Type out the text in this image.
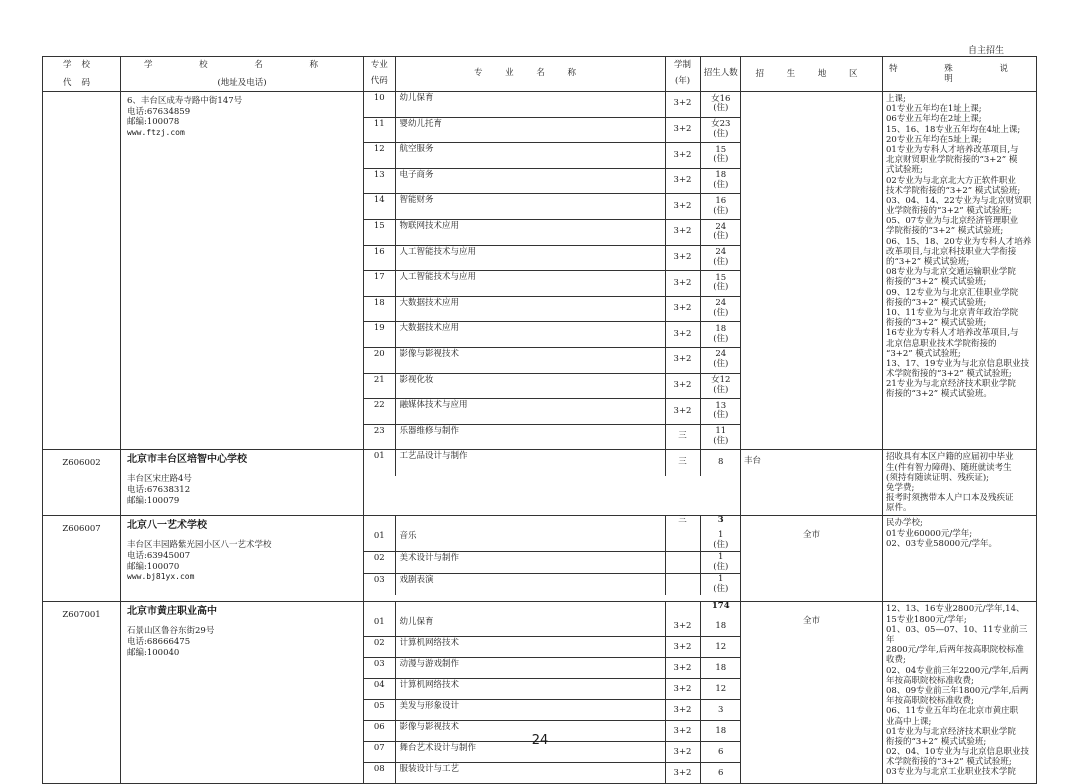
自主招生
学校
代码

学 校 名 称
(地址及电话)

专业
代码
	专 业 名 称	
学制
(年)
	招生人数
	招 生 地 区	特 殊 说 明

6、丰台区成寿寺路中街147号
电话:67634859
邮编:100078
www.ftzj.com

10	幼儿保育	3+2	女16
(住)

11	婴幼儿托育	3+2	女23
(住)

12	航空服务	3+2	15
(住)

13	电子商务	3+2	18
(住)

14	智能财务	3+2	16
(住)

15	物联网技术应用	3+2	24
(住)

16	人工智能技术与应用	3+2	24
(住)

17	人工智能技术与应用	3+2	15
(住)

18	大数据技术应用	3+2	24
(住)

19	大数据技术应用	3+2	18
(住)

20	影像与影视技术	3+2	24
(住)

21	影视化妆	3+2	女12
(住)

22	融媒体技术与应用	3+2	13
(住)

23	乐器维修与制作	三	11
(住)

上课;
01专业五年均在1址上课;
06专业五年均在2址上课;
15、16、18专业五年均在4址上课;
20专业五年均在5址上课;
01专业为专科人才培养改革项目,与
北京财贸职业学院衔接的“3+2” 模
式试验班;
02专业为与北京北大方正软件职业
技术学院衔接的“3+2” 模式试验班;
03、04、14、22专业为与北京财贸职
业学院衔接的“3+2” 模式试验班;
05、07专业为与北京经济管理职业
学院衔接的“3+2” 模式试验班;
06、15、18、20专业为专科人才培养
改革项目,与北京科技职业大学衔接
的“3+2” 模式试验班;
08专业为与北京交通运输职业学院
衔接的“3+2” 模式试验班;
09、12专业为与北京汇佳职业学院
衔接的“3+2” 模式试验班;
10、11专业为与北京青年政治学院
衔接的“3+2” 模式试验班;
16专业为专科人才培养改革项目,与
北京信息职业技术学院衔接的
“3+2” 模式试验班;
13、17、19专业为与北京信息职业技
术学院衔接的“3+2” 模式试验班;
21专业为与北京经济技术职业学院
衔接的“3+2” 模式试验班。

Z606002	北京市丰台区培智中心学校
丰台区宋庄路4号
电话:67638312
邮编:100079

01	工艺品设计与制作	三	8
		丰台	招收具有本区户籍的应届初中毕业
生(件有智力障碍)、随班就读考生
(须持有随读证明、残疾证);
免学费;
报考时须携带本人户口本及残疾证
原件。

Z606007	北京八一艺术学校
丰台区丰园路紫光园小区八一艺术学校
电话:63945007
邮编:100070
www.bj81yx.com

		三	3
01	音乐		1
(住)

02	美术设计与制作		1
(住)

03	戏剧表演		1
(住)
	全市	
民办学校;
01专业60000元/学年;
02、03专业58000元/学年。

Z607001	北京市黄庄职业高中
石景山区鲁谷东街29号
电话:68666475
邮编:100040

			174
01	幼儿保育	3+2	18

02	计算机网络技术	3+2	12

03	动漫与游戏制作	3+2	18

04	计算机网络技术	3+2	12

05	美发与形象设计	3+2	3

06	影像与影视技术	3+2	18

07	舞台艺术设计与制作	3+2	6

08	服装设计与工艺	3+2	6
	全市	
12、13、16专业2800元/学年,14、
15专业1800元/学年;
01、03、05—07、10、11专业前三年
2800元/学年,后两年按高职院校标准
收费;
02、04专业前三年2200元/学年,后两
年按高职院校标准收费;
08、09专业前三年1800元/学年,后两
年按高职院校标准收费;
06、11专业五年均在北京市黄庄职
业高中上课;
01专业为与北京经济技术职业学院
衔接的“3+2” 模式试验班;
02、04、10专业为与北京信息职业技
术学院衔接的“3+2” 模式试验班;
03专业为与北京工业职业技术学院
24
